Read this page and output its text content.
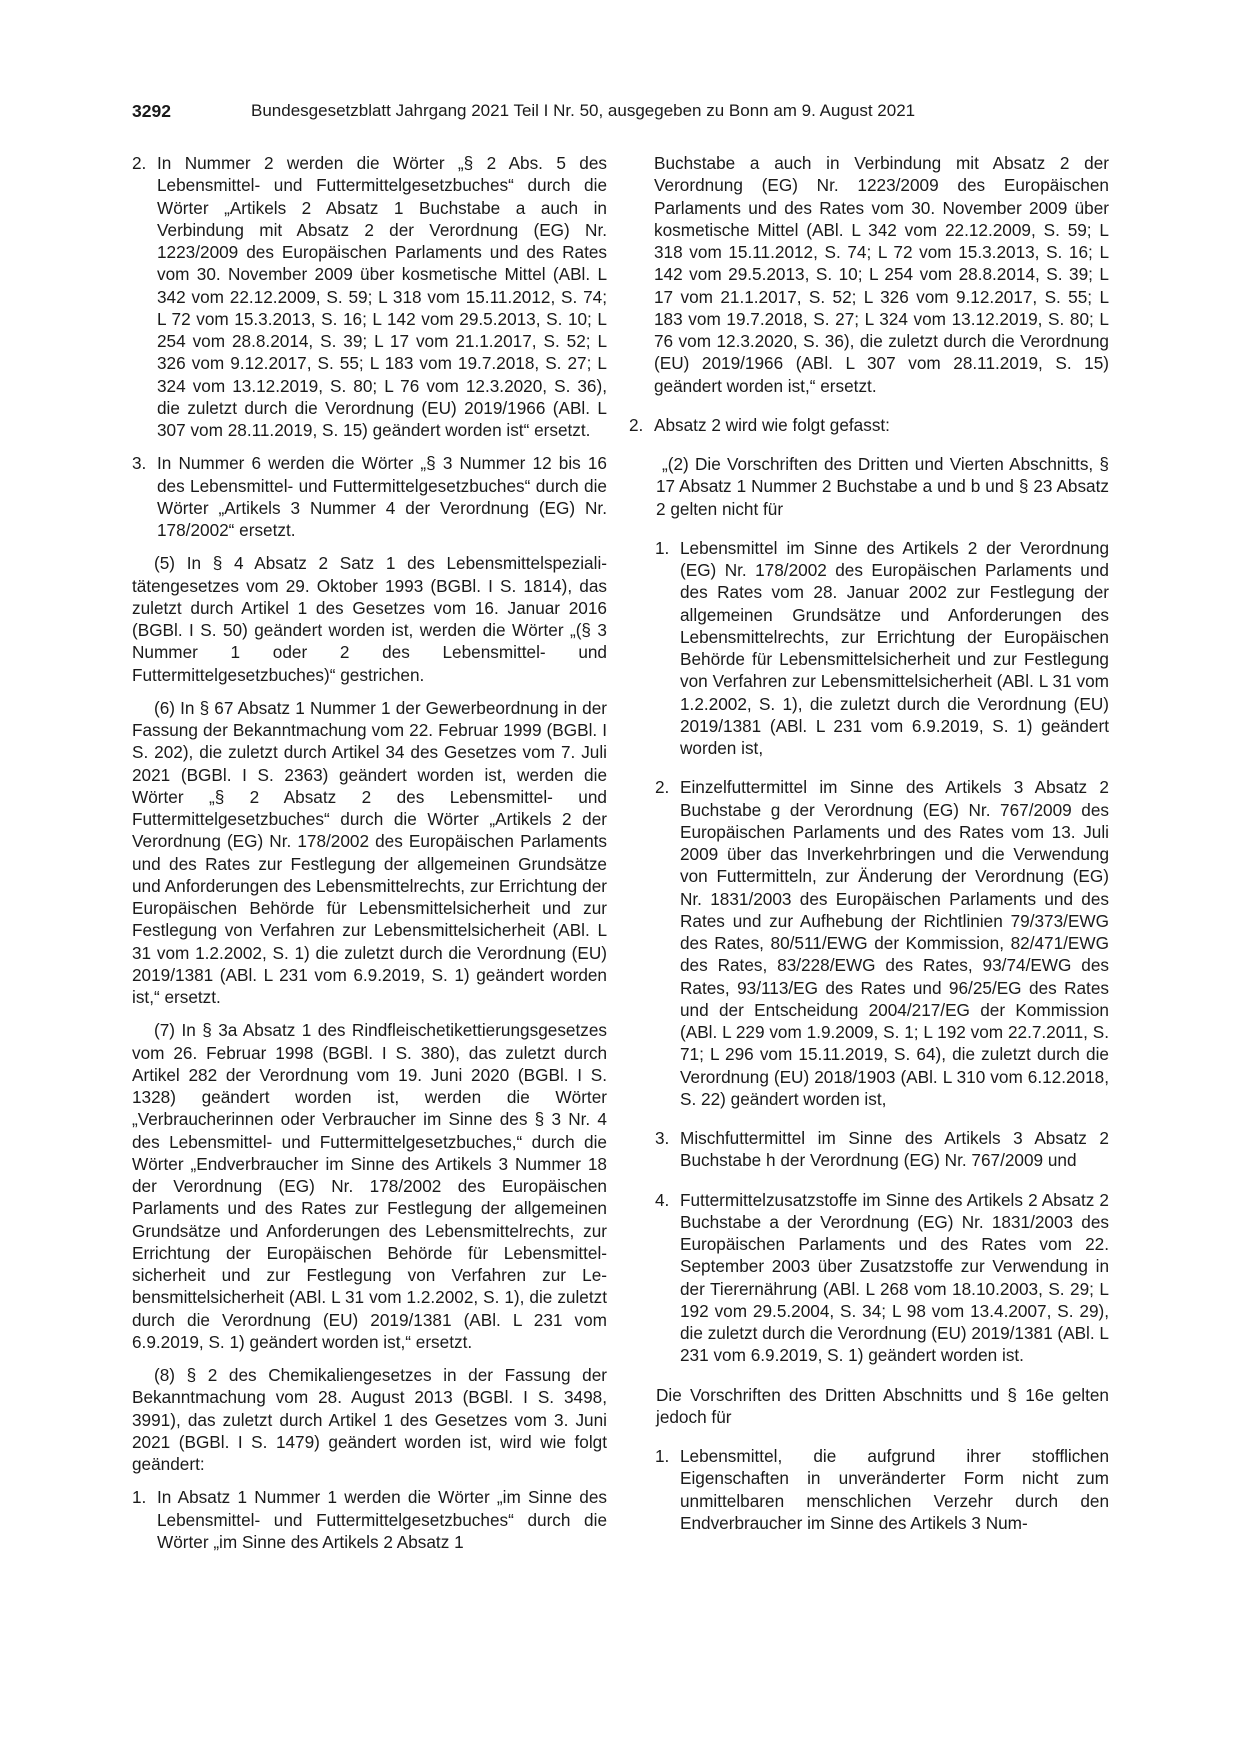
3292	Bundesgesetzblatt Jahrgang 2021 Teil I Nr. 50, ausgegeben zu Bonn am 9. August 2021
2. In Nummer 2 werden die Wörter „§ 2 Abs. 5 des Lebensmittel- und Futtermittelgesetzbuches“ durch die Wörter „Artikels 2 Absatz 1 Buchstabe a auch in Verbindung mit Absatz 2 der Verordnung (EG) Nr. 1223/2009 des Europäischen Parlaments und des Rates vom 30. November 2009 über kosmetische Mittel (ABl. L 342 vom 22.12.2009, S. 59; L 318 vom 15.11.2012, S. 74; L 72 vom 15.3.2013, S. 16; L 142 vom 29.5.2013, S. 10; L 254 vom 28.8.2014, S. 39; L 17 vom 21.1.2017, S. 52; L 326 vom 9.12.2017, S. 55; L 183 vom 19.7.2018, S. 27; L 324 vom 13.12.2019, S. 80; L 76 vom 12.3.2020, S. 36), die zuletzt durch die Verordnung (EU) 2019/1966 (ABl. L 307 vom 28.11.2019, S. 15) geändert worden ist“ ersetzt.

3. In Nummer 6 werden die Wörter „§ 3 Nummer 12 bis 16 des Lebensmittel- und Futtermittelgesetzbuches“ durch die Wörter „Artikels 3 Nummer 4 der Verordnung (EG) Nr. 178/2002“ ersetzt.

(5) In § 4 Absatz 2 Satz 1 des Lebensmittelspezialitätengesetzes vom 29. Oktober 1993 (BGBl. I S. 1814), das zuletzt durch Artikel 1 des Gesetzes vom 16. Januar 2016 (BGBl. I S. 50) geändert worden ist, werden die Wörter „(§ 3 Nummer 1 oder 2 des Lebensmittel- und Futtermittelgesetzbuches)“ gestrichen.

(6) In § 67 Absatz 1 Nummer 1 der Gewerbeordnung in der Fassung der Bekanntmachung vom 22. Februar 1999 (BGBl. I S. 202), die zuletzt durch Artikel 34 des Gesetzes vom 7. Juli 2021 (BGBl. I S. 2363) geändert worden ist, werden die Wörter „§ 2 Absatz 2 des Lebensmittel- und Futtermittelgesetzbuches“ durch die Wörter „Artikels 2 der Verordnung (EG) Nr. 178/2002 des Europäischen Parlaments und des Rates zur Festlegung der allgemeinen Grundsätze und Anforderungen des Lebensmittelrechts, zur Errichtung der Europäischen Behörde für Lebensmittelsicherheit und zur Festlegung von Verfahren zur Lebensmittelsicherheit (ABl. L 31 vom 1.2.2002, S. 1) die zuletzt durch die Verordnung (EU) 2019/1381 (ABl. L 231 vom 6.9.2019, S. 1) geändert worden ist,“ ersetzt.

(7) In § 3a Absatz 1 des Rindfleischetikettierungsgesetzes vom 26. Februar 1998 (BGBl. I S. 380), das zuletzt durch Artikel 282 der Verordnung vom 19. Juni 2020 (BGBl. I S. 1328) geändert worden ist, werden die Wörter „Verbraucherinnen oder Verbraucher im Sinne des § 3 Nr. 4 des Lebensmittel- und Futtermittelgesetzbuches,“ durch die Wörter „Endverbraucher im Sinne des Artikels 3 Nummer 18 der Verordnung (EG) Nr. 178/2002 des Europäischen Parlaments und des Rates zur Festlegung der allgemeinen Grundsätze und Anforderungen des Lebensmittelrechts, zur Errichtung der Europäischen Behörde für Lebensmittelsicherheit und zur Festlegung von Verfahren zur Lebensmittelsicherheit (ABl. L 31 vom 1.2.2002, S. 1), die zuletzt durch die Verordnung (EU) 2019/1381 (ABl. L 231 vom 6.9.2019, S. 1) geändert worden ist,“ ersetzt.

(8) § 2 des Chemikaliengesetzes in der Fassung der Bekanntmachung vom 28. August 2013 (BGBl. I S. 3498, 3991), das zuletzt durch Artikel 1 des Gesetzes vom 3. Juni 2021 (BGBl. I S. 1479) geändert worden ist, wird wie folgt geändert:

1. In Absatz 1 Nummer 1 werden die Wörter „im Sinne des Lebensmittel- und Futtermittelgesetzbuches“ durch die Wörter „im Sinne des Artikels 2 Absatz 1

Buchstabe a auch in Verbindung mit Absatz 2 der Verordnung (EG) Nr. 1223/2009 des Europäischen Parlaments und des Rates vom 30. November 2009 über kosmetische Mittel (ABl. L 342 vom 22.12.2009, S. 59; L 318 vom 15.11.2012, S. 74; L 72 vom 15.3.2013, S. 16; L 142 vom 29.5.2013, S. 10; L 254 vom 28.8.2014, S. 39; L 17 vom 21.1.2017, S. 52; L 326 vom 9.12.2017, S. 55; L 183 vom 19.7.2018, S. 27; L 324 vom 13.12.2019, S. 80; L 76 vom 12.3.2020, S. 36), die zuletzt durch die Verordnung (EU) 2019/1966 (ABl. L 307 vom 28.11.2019, S. 15) geändert worden ist,“ ersetzt.

2. Absatz 2 wird wie folgt gefasst:

„(2) Die Vorschriften des Dritten und Vierten Abschnitts, § 17 Absatz 1 Nummer 2 Buchstabe a und b und § 23 Absatz 2 gelten nicht für

1. Lebensmittel im Sinne des Artikels 2 der Verordnung (EG) Nr. 178/2002 des Europäischen Parlaments und des Rates vom 28. Januar 2002 zur Festlegung der allgemeinen Grundsätze und Anforderungen des Lebensmittelrechts, zur Errichtung der Europäischen Behörde für Lebensmittelsicherheit und zur Festlegung von Verfahren zur Lebensmittelsicherheit (ABl. L 31 vom 1.2.2002, S. 1), die zuletzt durch die Verordnung (EU) 2019/1381 (ABl. L 231 vom 6.9.2019, S. 1) geändert worden ist,

2. Einzelfuttermittel im Sinne des Artikels 3 Absatz 2 Buchstabe g der Verordnung (EG) Nr. 767/2009 des Europäischen Parlaments und des Rates vom 13. Juli 2009 über das Inverkehrbringen und die Verwendung von Futtermitteln, zur Änderung der Verordnung (EG) Nr. 1831/2003 des Europäischen Parlaments und des Rates und zur Aufhebung der Richtlinien 79/373/EWG des Rates, 80/511/EWG der Kommission, 82/471/EWG des Rates, 83/228/EWG des Rates, 93/74/EWG des Rates, 93/113/EG des Rates und 96/25/EG des Rates und der Entscheidung 2004/217/EG der Kommission (ABl. L 229 vom 1.9.2009, S. 1; L 192 vom 22.7.2011, S. 71; L 296 vom 15.11.2019, S. 64), die zuletzt durch die Verordnung (EU) 2018/1903 (ABl. L 310 vom 6.12.2018, S. 22) geändert worden ist,

3. Mischfuttermittel im Sinne des Artikels 3 Absatz 2 Buchstabe h der Verordnung (EG) Nr. 767/2009 und

4. Futtermittelzusatzstoffe im Sinne des Artikels 2 Absatz 2 Buchstabe a der Verordnung (EG) Nr. 1831/2003 des Europäischen Parlaments und des Rates vom 22. September 2003 über Zusatzstoffe zur Verwendung in der Tierernährung (ABl. L 268 vom 18.10.2003, S. 29; L 192 vom 29.5.2004, S. 34; L 98 vom 13.4.2007, S. 29), die zuletzt durch die Verordnung (EU) 2019/1381 (ABl. L 231 vom 6.9.2019, S. 1) geändert worden ist.

Die Vorschriften des Dritten Abschnitts und § 16e gelten jedoch für

1. Lebensmittel, die aufgrund ihrer stofflichen Eigenschaften in unveränderter Form nicht zum unmittelbaren menschlichen Verzehr durch den Endverbraucher im Sinne des Artikels 3 Num-
